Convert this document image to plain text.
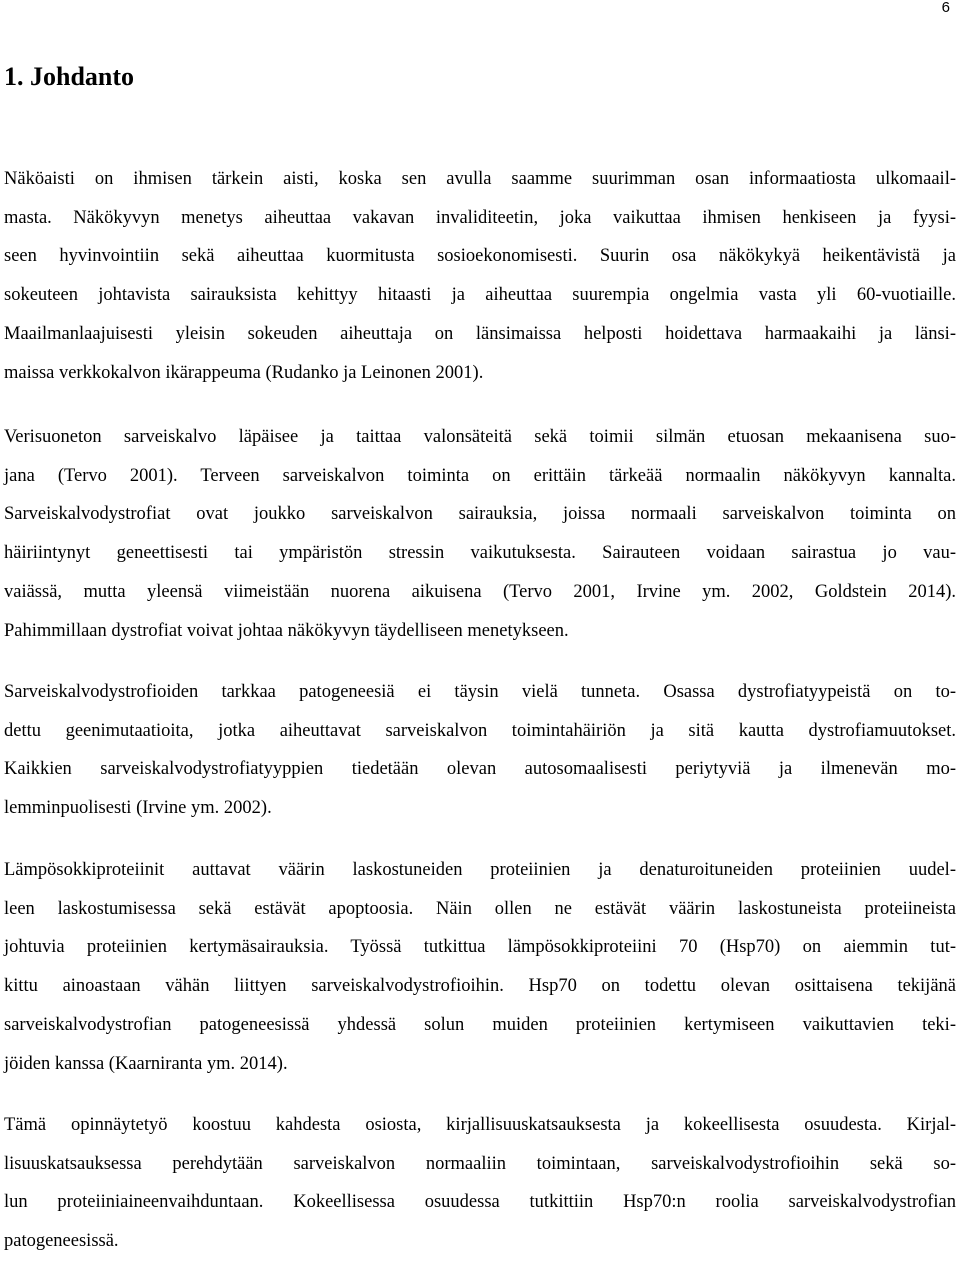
6
1. Johdanto

Näköaisti on ihmisen tärkein aisti, koska sen avulla saamme suurimman osan informaatiosta ulkomaail-
masta. Näkökyvyn menetys aiheuttaa vakavan invaliditeetin, joka vaikuttaa ihmisen henkiseen ja fyysi-
seen hyvinvointiin sekä aiheuttaa kuormitusta sosioekonomisesti. Suurin osa näkökykyä heikentävistä ja
sokeuteen johtavista sairauksista kehittyy hitaasti ja aiheuttaa suurempia ongelmia vasta yli 60-vuotiaille.
Maailmanlaajuisesti yleisin sokeuden aiheuttaja on länsimaissa helposti hoidettava harmaakaihi ja länsi-
maissa verkkokalvon ikärappeuma (Rudanko ja Leinonen 2001).

Verisuoneton sarveiskalvo läpäisee ja taittaa valonsäteitä sekä toimii silmän etuosan mekaanisena suo-
jana (Tervo 2001). Terveen sarveiskalvon toiminta on erittäin tärkeää normaalin näkökyvyn kannalta.
Sarveiskalvodystrofiat ovat joukko sarveiskalvon sairauksia, joissa normaali sarveiskalvon toiminta on
häiriintynyt geneettisesti tai ympäristön stressin vaikutuksesta. Sairauteen voidaan sairastua jo vau-
vaiässä, mutta yleensä viimeistään nuorena aikuisena (Tervo 2001, Irvine ym. 2002, Goldstein 2014).
Pahimmillaan dystrofiat voivat johtaa näkökyvyn täydelliseen menetykseen.

Sarveiskalvodystrofioiden tarkkaa patogeneesiä ei täysin vielä tunneta. Osassa dystrofiatyypeistä on to-
dettu geenimutaatioita, jotka aiheuttavat sarveiskalvon toimintahäiriön ja sitä kautta dystrofiamuutokset.
Kaikkien sarveiskalvodystrofiatyyppien tiedetään olevan autosomaalisesti periytyviä ja ilmenevän mo-
lemminpuolisesti (Irvine ym. 2002).

Lämpösokkiproteiinit auttavat väärin laskostuneiden proteiinien ja denaturoituneiden proteiinien uudel-
leen laskostumisessa sekä estävät apoptoosia. Näin ollen ne estävät väärin laskostuneista proteiineista
johtuvia proteiinien kertymäsairauksia. Työssä tutkittua lämpösokkiproteiini 70 (Hsp70) on aiemmin tut-
kittu ainoastaan vähän liittyen sarveiskalvodystrofioihin. Hsp70 on todettu olevan osittaisena tekijänä
sarveiskalvodystrofian patogeneesissä yhdessä solun muiden proteiinien kertymiseen vaikuttavien teki-
jöiden kanssa (Kaarniranta ym. 2014).

Tämä opinnäytetyö koostuu kahdesta osiosta, kirjallisuuskatsauksesta ja kokeellisesta osuudesta. Kirjal-
lisuuskatsauksessa perehdytään sarveiskalvon normaaliin toimintaan, sarveiskalvodystrofioihin sekä so-
lun proteiiniaineenvaihduntaan. Kokeellisessa osuudessa tutkittiin Hsp70:n roolia sarveiskalvodystrofian
patogeneesissä.
